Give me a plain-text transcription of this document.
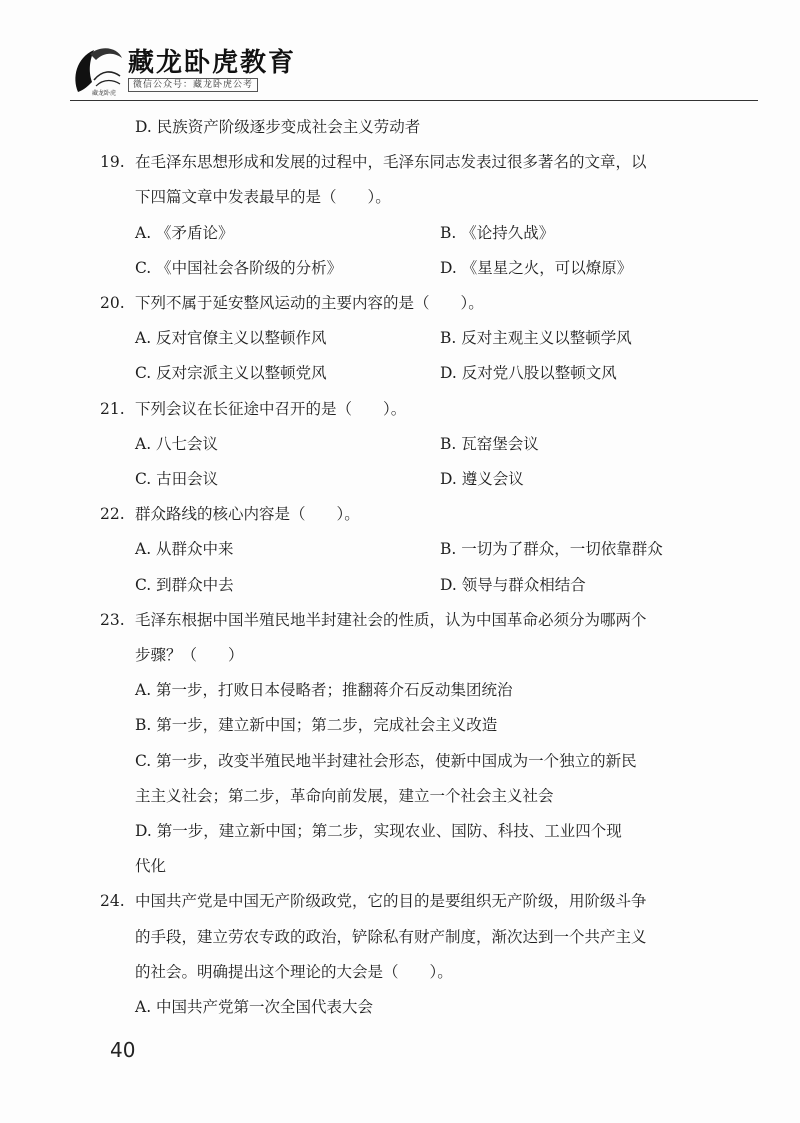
藏龙卧虎
藏龙卧虎教育
微信公众号：藏龙卧虎公考
D. 民族资产阶级逐步变成社会主义劳动者
19. 在毛泽东思想形成和发展的过程中，毛泽东同志发表过很多著名的文章，以
下四篇文章中发表最早的是（　　）。
A. 《矛盾论》	B. 《论持久战》
C. 《中国社会各阶级的分析》	D. 《星星之火，可以燎原》
20. 下列不属于延安整风运动的主要内容的是（　　）。
A. 反对官僚主义以整顿作风	B. 反对主观主义以整顿学风
C. 反对宗派主义以整顿党风	D. 反对党八股以整顿文风
21. 下列会议在长征途中召开的是（　　）。
A. 八七会议	B. 瓦窑堡会议
C. 古田会议	D. 遵义会议
22. 群众路线的核心内容是（　　）。
A. 从群众中来	B. 一切为了群众，一切依靠群众
C. 到群众中去	D. 领导与群众相结合
23. 毛泽东根据中国半殖民地半封建社会的性质，认为中国革命必须分为哪两个
步骤？（　　）
A. 第一步，打败日本侵略者；推翻蒋介石反动集团统治
B. 第一步，建立新中国；第二步，完成社会主义改造
C. 第一步，改变半殖民地半封建社会形态，使新中国成为一个独立的新民
主主义社会；第二步，革命向前发展，建立一个社会主义社会
D. 第一步，建立新中国；第二步，实现农业、国防、科技、工业四个现
代化
24. 中国共产党是中国无产阶级政党，它的目的是要组织无产阶级，用阶级斗争
的手段，建立劳农专政的政治，铲除私有财产制度，渐次达到一个共产主义
的社会。明确提出这个理论的大会是（　　）。
A. 中国共产党第一次全国代表大会
40
